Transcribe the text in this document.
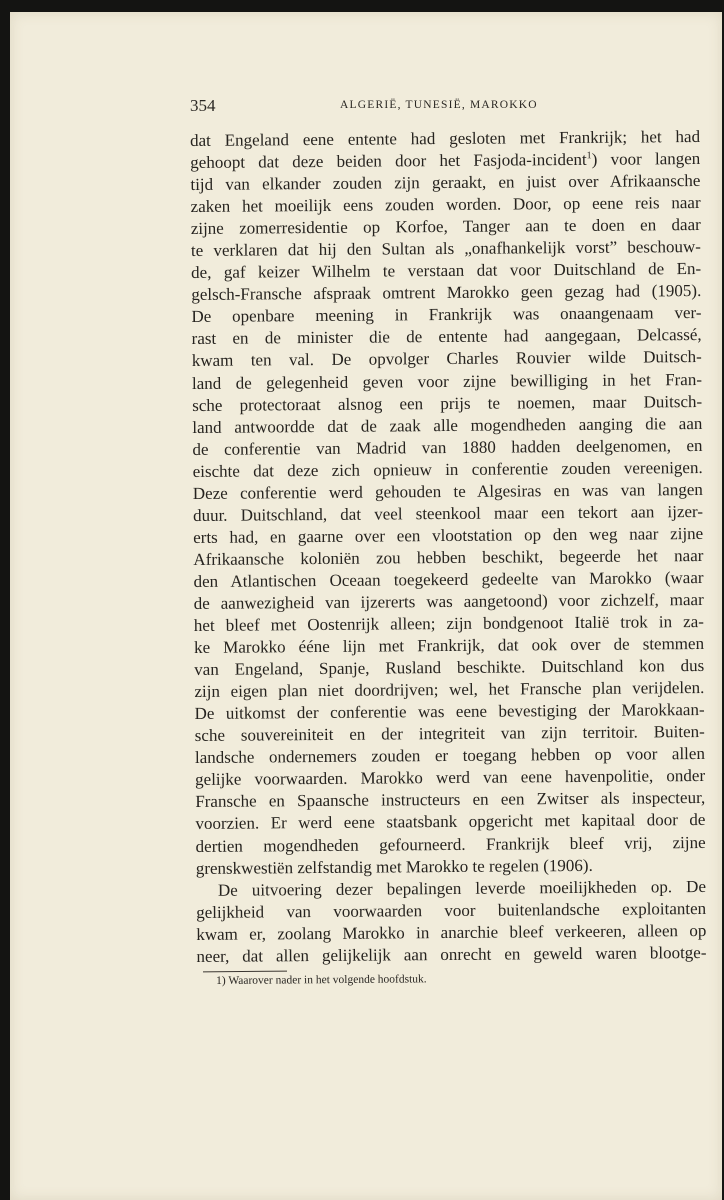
354	ALGERIË, TUNESIË, MAROKKO
dat Engeland eene entente had gesloten met Frankrijk; het had
gehoopt dat deze beiden door het Fasjoda-incident$^1$) voor langen
tijd van elkander zouden zijn geraakt, en juist over Afrikaansche
zaken het moeilijk eens zouden worden. Door, op eene reis naar
zijne zomerresidentie op Korfoe, Tanger aan te doen en daar
te verklaren dat hij den Sultan als „onafhankelijk vorst” beschouw-
de, gaf keizer Wilhelm te verstaan dat voor Duitschland de En-
gelsch-Fransche afspraak omtrent Marokko geen gezag had (1905).
De openbare meening in Frankrijk was onaangenaam ver-
rast en de minister die de entente had aangegaan, Delcassé,
kwam ten val. De opvolger Charles Rouvier wilde Duitsch-
land de gelegenheid geven voor zijne bewilliging in het Fran-
sche protectoraat alsnog een prijs te noemen, maar Duitsch-
land antwoordde dat de zaak alle mogendheden aanging die aan
de conferentie van Madrid van 1880 hadden deelgenomen, en
eischte dat deze zich opnieuw in conferentie zouden vereenigen.
Deze conferentie werd gehouden te Algesiras en was van langen
duur. Duitschland, dat veel steenkool maar een tekort aan ijzer-
erts had, en gaarne over een vlootstation op den weg naar zijne
Afrikaansche koloniën zou hebben beschikt, begeerde het naar
den Atlantischen Oceaan toegekeerd gedeelte van Marokko (waar
de aanwezigheid van ijzererts was aangetoond) voor zichzelf, maar
het bleef met Oostenrijk alleen; zijn bondgenoot Italië trok in za-
ke Marokko ééne lijn met Frankrijk, dat ook over de stemmen
van Engeland, Spanje, Rusland beschikte. Duitschland kon dus
zijn eigen plan niet doordrijven; wel, het Fransche plan verijdelen.
De uitkomst der conferentie was eene bevestiging der Marokkaan-
sche souvereiniteit en der integriteit van zijn territoir. Buiten-
landsche ondernemers zouden er toegang hebben op voor allen
gelijke voorwaarden. Marokko werd van eene havenpolitie, onder
Fransche en Spaansche instructeurs en een Zwitser als inspecteur,
voorzien. Er werd eene staatsbank opgericht met kapitaal door de
dertien mogendheden gefourneerd. Frankrijk bleef vrij, zijne
grenskwestiën zelfstandig met Marokko te regelen (1906).
De uitvoering dezer bepalingen leverde moeilijkheden op. De
gelijkheid van voorwaarden voor buitenlandsche exploitanten
kwam er, zoolang Marokko in anarchie bleef verkeeren, alleen op
neer, dat allen gelijkelijk aan onrecht en geweld waren blootge-
1) Waarover nader in het volgende hoofdstuk.
